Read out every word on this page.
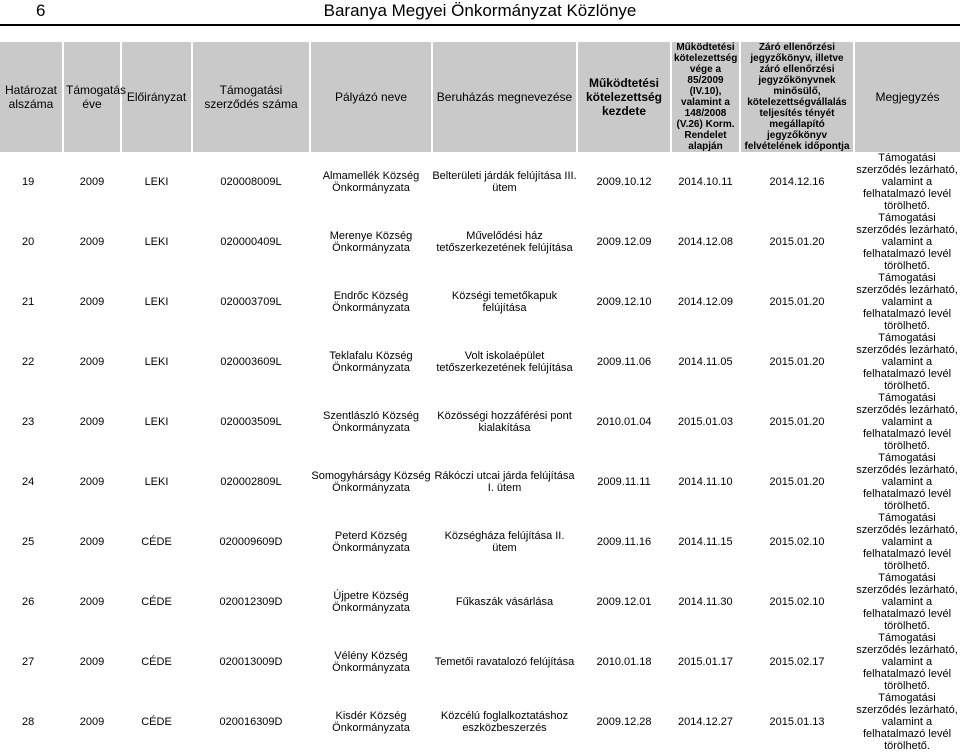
6	Baranya Megyei Önkormányzat Közlönye
Határozat alszáma	Támogatás éve	Előirányzat	Támogatási szerződés száma	Pályázó neve	Beruházás megnevezése	Működtetési kötelezettség kezdete	Működtetési kötelezettség vége a 85/2009 (IV.10), valamint a 148/2008 (V.26) Korm. Rendelet alapján	Záró ellenőrzési jegyzőkönyv, illetve záró ellenőrzési jegyzőkönyvnek minősülő, kötelezettségvállalás teljesítés tényét megállapító jegyzőkönyv felvételének időpontja	Megjegyzés
19	2009	LEKI	020008009L	Almamellék Község Önkormányzata	Belterületi járdák felújítása III. ütem	2009.10.12	2014.10.11	2014.12.16	Támogatási szerződés lezárható, valamint a felhatalmazó levél törölhető.
20	2009	LEKI	020000409L	Merenye Község Önkormányzata	Művelődési ház tetőszerkezetének felújítása	2009.12.09	2014.12.08	2015.01.20	Támogatási szerződés lezárható, valamint a felhatalmazó levél törölhető.
21	2009	LEKI	020003709L	Endrőc Község Önkormányzata	Községi temetőkapuk felújítása	2009.12.10	2014.12.09	2015.01.20	Támogatási szerződés lezárható, valamint a felhatalmazó levél törölhető.
22	2009	LEKI	020003609L	Teklafalu Község Önkormányzata	Volt iskolaépület tetőszerkezetének felújítása	2009.11.06	2014.11.05	2015.01.20	Támogatási szerződés lezárható, valamint a felhatalmazó levél törölhető.
23	2009	LEKI	020003509L	Szentlászló Község Önkormányzata	Közösségi hozzáférési pont kialakítása	2010.01.04	2015.01.03	2015.01.20	Támogatási szerződés lezárható, valamint a felhatalmazó levél törölhető.
24	2009	LEKI	020002809L	Somogyhárságy Község Önkormányzata	Rákóczi utcai járda felújítása I. ütem	2009.11.11	2014.11.10	2015.01.20	Támogatási szerződés lezárható, valamint a felhatalmazó levél törölhető.
25	2009	CÉDE	020009609D	Peterd Község Önkormányzata	Községháza felújítása II. ütem	2009.11.16	2014.11.15	2015.02.10	Támogatási szerződés lezárható, valamint a felhatalmazó levél törölhető.
26	2009	CÉDE	020012309D	Újpetre Község Önkormányzata	Fűkaszák vásárlása	2009.12.01	2014.11.30	2015.02.10	Támogatási szerződés lezárható, valamint a felhatalmazó levél törölhető.
27	2009	CÉDE	020013009D	Vélény Község Önkormányzata	Temetői ravatalozó felújítása	2010.01.18	2015.01.17	2015.02.17	Támogatási szerződés lezárható, valamint a felhatalmazó levél törölhető.
28	2009	CÉDE	020016309D	Kisdér Község Önkormányzata	Közcélú foglalkoztatáshoz eszközbeszerzés	2009.12.28	2014.12.27	2015.01.13	Támogatási szerződés lezárható, valamint a felhatalmazó levél törölhető.
